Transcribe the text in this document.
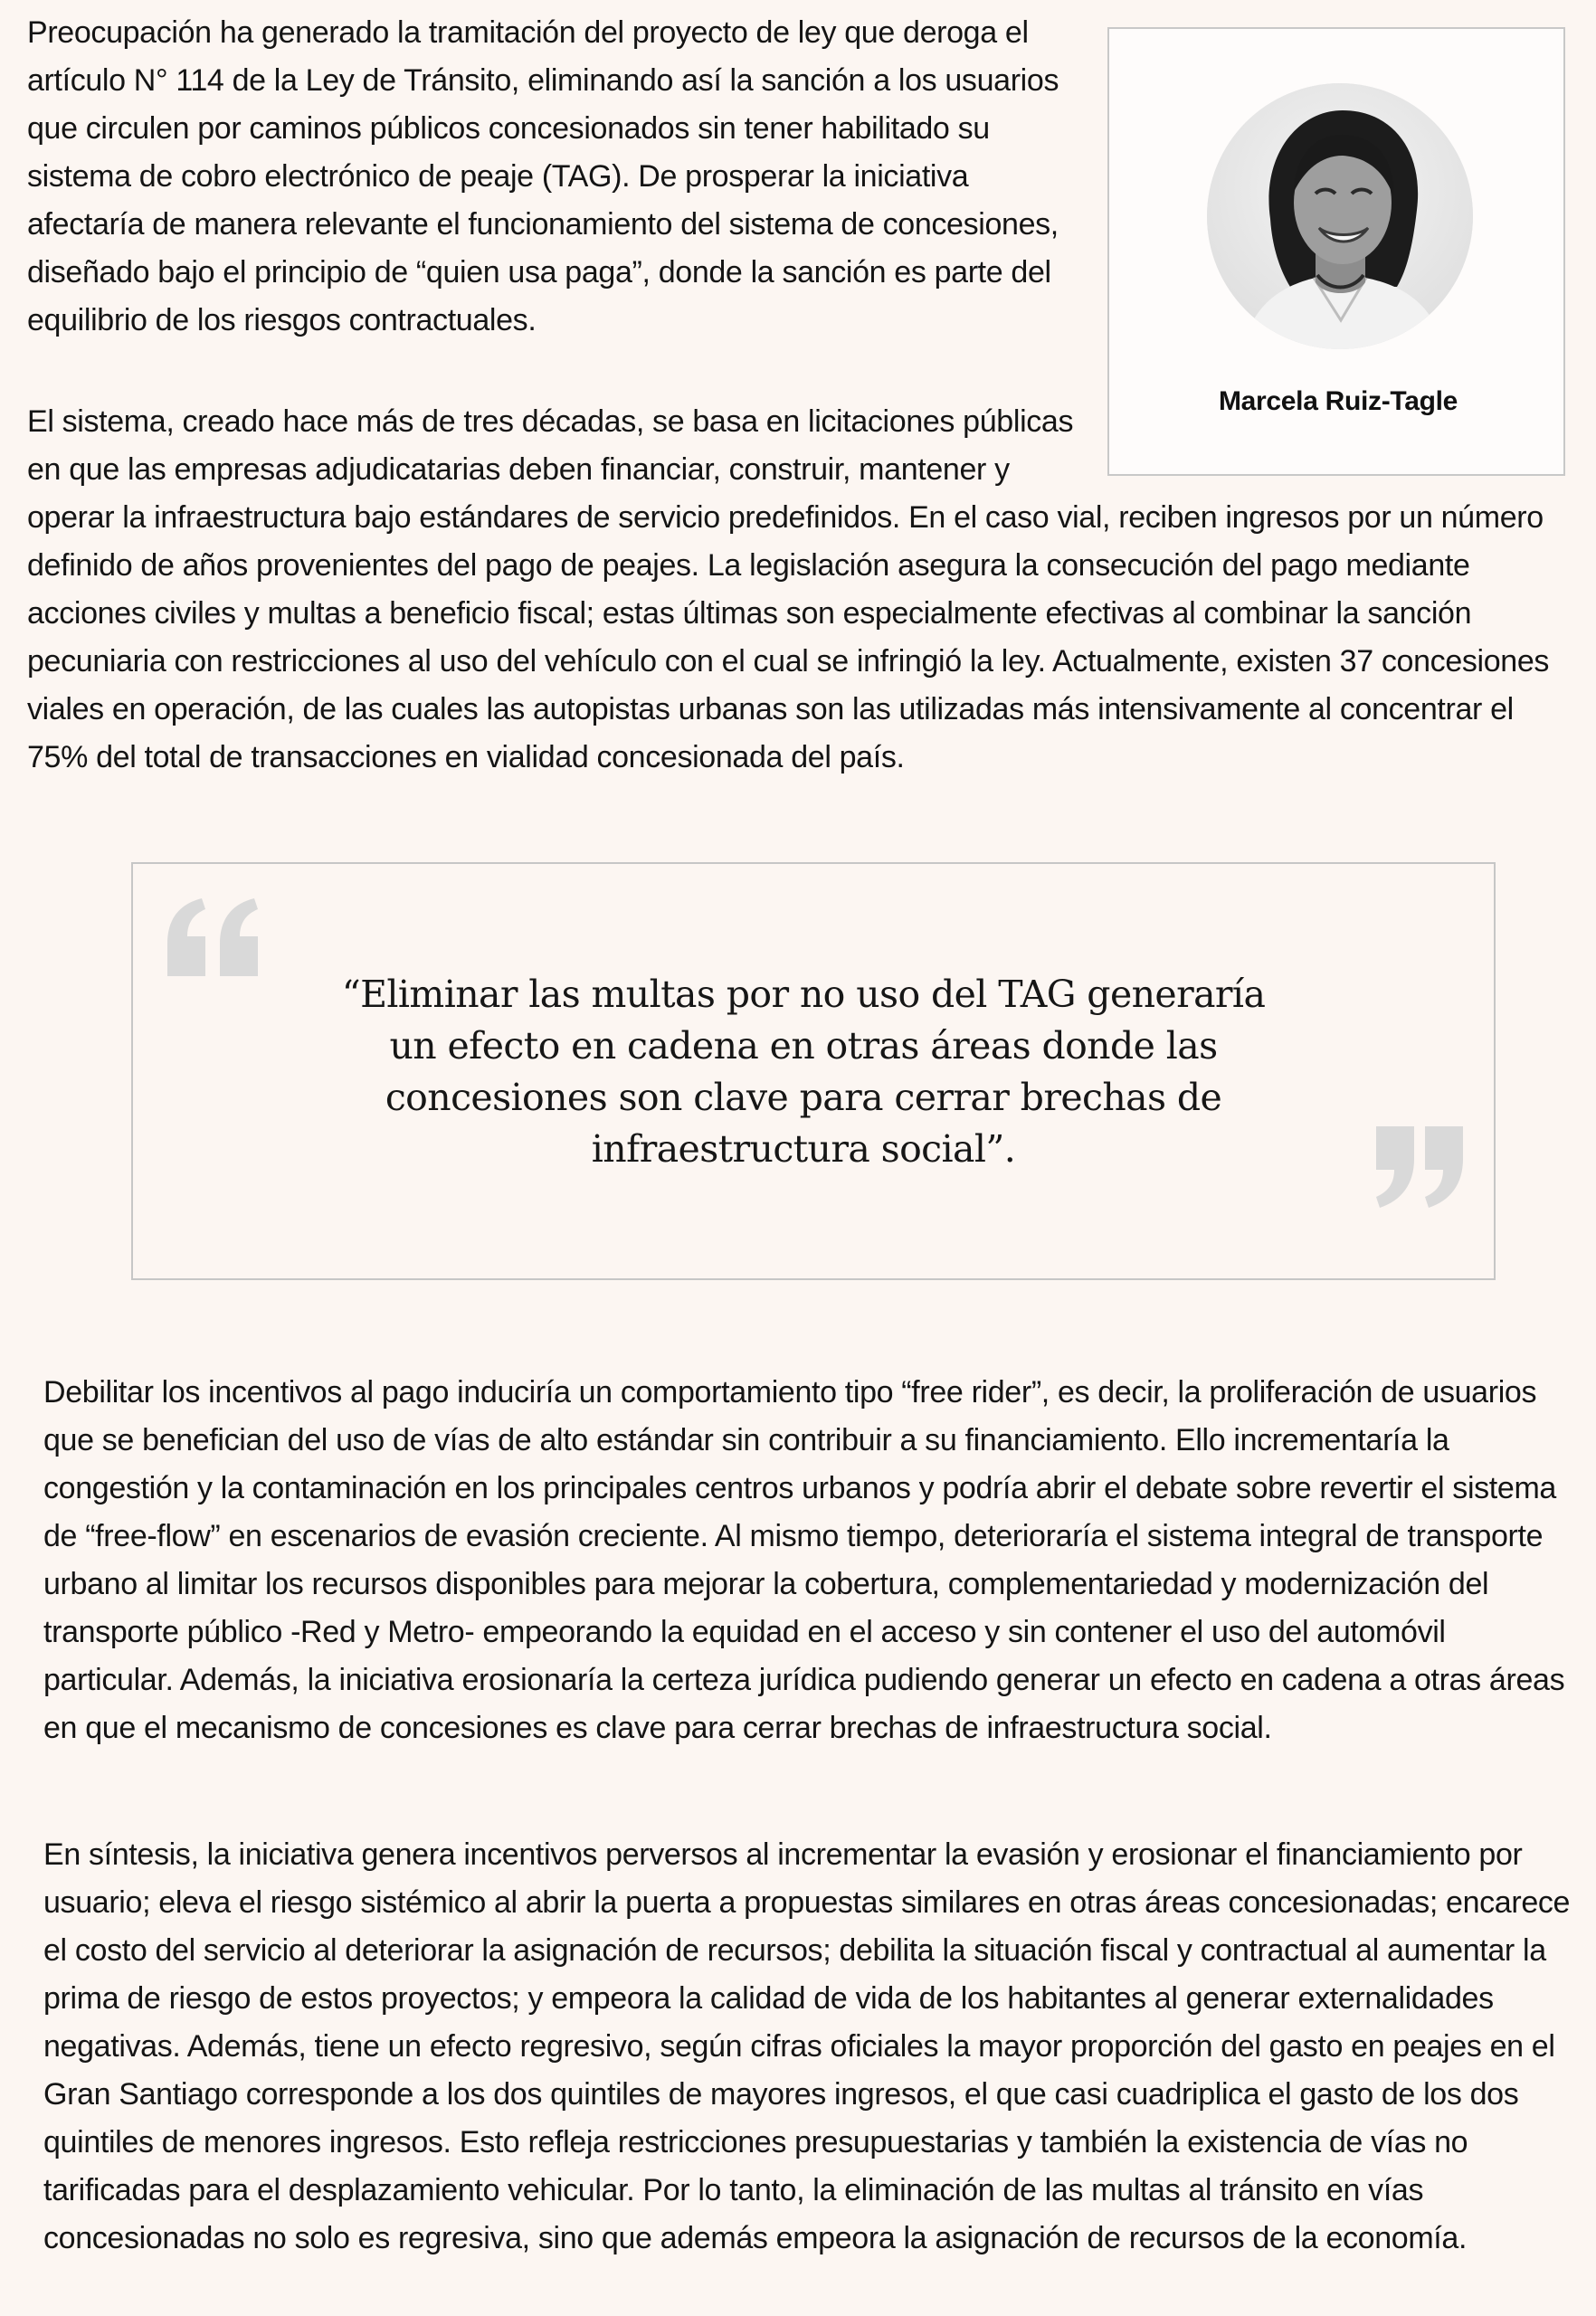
Marcela Ruiz-Tagle

Preocupación ha generado la tramitación del proyecto de ley que deroga el artículo N° 114 de la Ley de Tránsito, eliminando así la sanción a los usuarios que circulen por caminos públicos concesionados sin tener habilitado su sistema de cobro electrónico de peaje (TAG). De prosperar la iniciativa afectaría de manera relevante el funcionamiento del sistema de concesiones, diseñado bajo el principio de “quien usa paga”, donde la sanción es parte del equilibrio de los riesgos contractuales.

El sistema, creado hace más de tres décadas, se basa en licitaciones públicas en que las empresas adjudicatarias deben financiar, construir, mantener y operar la infraestructura bajo estándares de servicio predefinidos. En el caso vial, reciben ingresos por un número definido de años provenientes del pago de peajes. La legislación asegura la consecución del pago mediante acciones civiles y multas a beneficio fiscal; estas últimas son especialmente efectivas al combinar la sanción pecuniaria con restricciones al uso del vehículo con el cual se infringió la ley. Actualmente, existen 37 concesiones viales en operación, de las cuales las autopistas urbanas son las utilizadas más intensivamente al concentrar el 75% del total de transacciones en vialidad concesionada del país.

“Eliminar las multas por no uso del TAG generaría un efecto en cadena en otras áreas donde las concesiones son clave para cerrar brechas de infraestructura social”.

Debilitar los incentivos al pago induciría un comportamiento tipo “free rider”, es decir, la proliferación de usuarios que se benefician del uso de vías de alto estándar sin contribuir a su financiamiento. Ello incrementaría la congestión y la contaminación en los principales centros urbanos y podría abrir el debate sobre revertir el sistema de “free-flow” en escenarios de evasión creciente. Al mismo tiempo, deterioraría el sistema integral de transporte urbano al limitar los recursos disponibles para mejorar la cobertura, complementariedad y modernización del transporte público -Red y Metro- empeorando la equidad en el acceso y sin contener el uso del automóvil particular. Además, la iniciativa erosionaría la certeza jurídica pudiendo generar un efecto en cadena a otras áreas en que el mecanismo de concesiones es clave para cerrar brechas de infraestructura social.

En síntesis, la iniciativa genera incentivos perversos al incrementar la evasión y erosionar el financiamiento por usuario; eleva el riesgo sistémico al abrir la puerta a propuestas similares en otras áreas concesionadas; encarece el costo del servicio al deteriorar la asignación de recursos; debilita la situación fiscal y contractual al aumentar la prima de riesgo de estos proyectos; y empeora la calidad de vida de los habitantes al generar externalidades negativas. Además, tiene un efecto regresivo, según cifras oficiales la mayor proporción del gasto en peajes en el Gran Santiago corresponde a los dos quintiles de mayores ingresos, el que casi cuadriplica el gasto de los dos quintiles de menores ingresos. Esto refleja restricciones presupuestarias y también la existencia de vías no tarificadas para el desplazamiento vehicular. Por lo tanto, la eliminación de las multas al tránsito en vías concesionadas no solo es regresiva, sino que además empeora la asignación de recursos de la economía.
